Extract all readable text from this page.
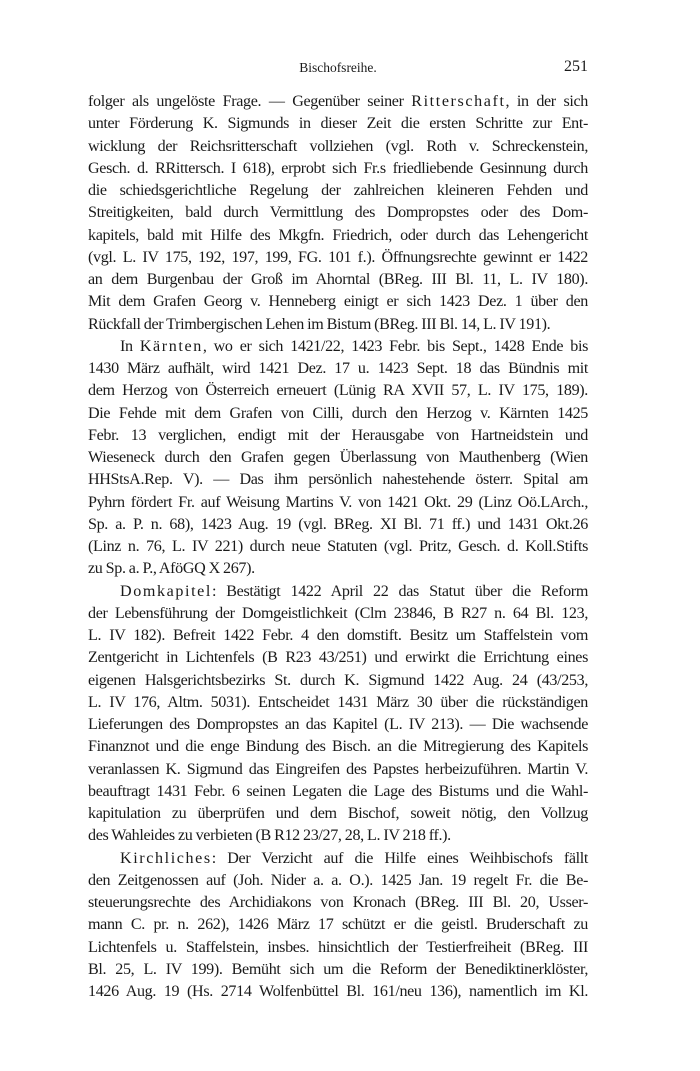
Bischofsreihe.	251
folger als ungelöste Frage. — Gegenüber seiner Ritterschaft, in der sich
unter Förderung K. Sigmunds in dieser Zeit die ersten Schritte zur Ent-
wicklung der Reichsritterschaft vollziehen (vgl. Roth v. Schreckenstein,
Gesch. d. RRittersch. I 618), erprobt sich Fr.s friedliebende Gesinnung durch
die schiedsgerichtliche Regelung der zahlreichen kleineren Fehden und
Streitigkeiten, bald durch Vermittlung des Dompropstes oder des Dom-
kapitels, bald mit Hilfe des Mkgfn. Friedrich, oder durch das Lehengericht
(vgl. L. IV 175, 192, 197, 199, FG. 101 f.). Öffnungsrechte gewinnt er 1422
an dem Burgenbau der Groß im Ahorntal (BReg. III Bl. 11, L. IV 180).
Mit dem Grafen Georg v. Henneberg einigt er sich 1423 Dez. 1 über den
Rückfall der Trimbergischen Lehen im Bistum (BReg. III Bl. 14, L. IV 191).
In Kärnten, wo er sich 1421/22, 1423 Febr. bis Sept., 1428 Ende bis
1430 März aufhält, wird 1421 Dez. 17 u. 1423 Sept. 18 das Bündnis mit
dem Herzog von Österreich erneuert (Lünig RA XVII 57, L. IV 175, 189).
Die Fehde mit dem Grafen von Cilli, durch den Herzog v. Kärnten 1425
Febr. 13 verglichen, endigt mit der Herausgabe von Hartneidstein und
Wieseneck durch den Grafen gegen Überlassung von Mauthenberg (Wien
HHStsA.Rep. V). — Das ihm persönlich nahestehende österr. Spital am
Pyhrn fördert Fr. auf Weisung Martins V. von 1421 Okt. 29 (Linz Oö.LArch.,
Sp. a. P. n. 68), 1423 Aug. 19 (vgl. BReg. XI Bl. 71 ff.) und 1431 Okt.26
(Linz n. 76, L. IV 221) durch neue Statuten (vgl. Pritz, Gesch. d. Koll.Stifts
zu Sp. a. P., AföGQ X 267).
Domkapitel: Bestätigt 1422 April 22 das Statut über die Reform
der Lebensführung der Domgeistlichkeit (Clm 23846, B R27 n. 64 Bl. 123,
L. IV 182). Befreit 1422 Febr. 4 den domstift. Besitz um Staffelstein vom
Zentgericht in Lichtenfels (B R23 43/251) und erwirkt die Errichtung eines
eigenen Halsgerichtsbezirks St. durch K. Sigmund 1422 Aug. 24 (43/253,
L. IV 176, Altm. 5031). Entscheidet 1431 März 30 über die rückständigen
Lieferungen des Dompropstes an das Kapitel (L. IV 213). — Die wachsende
Finanznot und die enge Bindung des Bisch. an die Mitregierung des Kapitels
veranlassen K. Sigmund das Eingreifen des Papstes herbeizuführen. Martin V.
beauftragt 1431 Febr. 6 seinen Legaten die Lage des Bistums und die Wahl-
kapitulation zu überprüfen und dem Bischof, soweit nötig, den Vollzug
des Wahleides zu verbieten (B R12 23/27, 28, L. IV 218 ff.).
Kirchliches: Der Verzicht auf die Hilfe eines Weihbischofs fällt
den Zeitgenossen auf (Joh. Nider a. a. O.). 1425 Jan. 19 regelt Fr. die Be-
steuerungsrechte des Archidiakons von Kronach (BReg. III Bl. 20, Usser-
mann C. pr. n. 262), 1426 März 17 schützt er die geistl. Bruderschaft zu
Lichtenfels u. Staffelstein, insbes. hinsichtlich der Testierfreiheit (BReg. III
Bl. 25, L. IV 199). Bemüht sich um die Reform der Benediktinerklöster,
1426 Aug. 19 (Hs. 2714 Wolfenbüttel Bl. 161/neu 136), namentlich im Kl.
